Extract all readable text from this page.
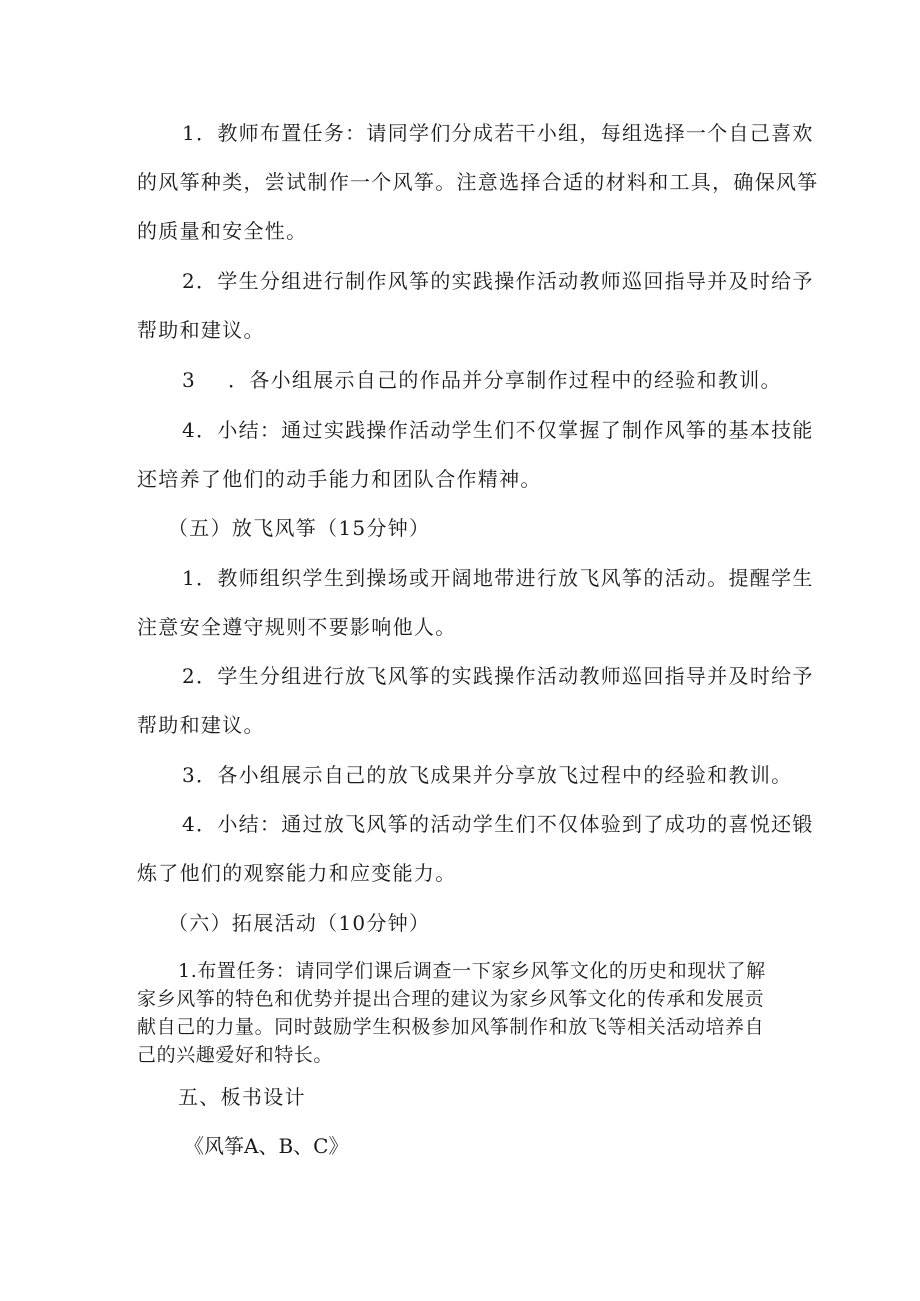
1．教师布置任务：请同学们分成若干小组，每组选择一个自己喜欢
的风筝种类，尝试制作一个风筝。注意选择合适的材料和工具，确保风筝
的质量和安全性。
2．学生分组进行制作风筝的实践操作活动教师巡回指导并及时给予
帮助和建议。
3 ．各小组展示自己的作品并分享制作过程中的经验和教训。
4．小结：通过实践操作活动学生们不仅掌握了制作风筝的基本技能
还培养了他们的动手能力和团队合作精神。
（五）放飞风筝（15分钟）
1．教师组织学生到操场或开阔地带进行放飞风筝的活动。提醒学生
注意安全遵守规则不要影响他人。
2．学生分组进行放飞风筝的实践操作活动教师巡回指导并及时给予
帮助和建议。
3．各小组展示自己的放飞成果并分享放飞过程中的经验和教训。
4．小结：通过放飞风筝的活动学生们不仅体验到了成功的喜悦还锻
炼了他们的观察能力和应变能力。
（六）拓展活动（10分钟）
1.布置任务：请同学们课后调查一下家乡风筝文化的历史和现状了解
家乡风筝的特色和优势并提出合理的建议为家乡风筝文化的传承和发展贡
献自己的力量。同时鼓励学生积极参加风筝制作和放飞等相关活动培养自
己的兴趣爱好和特长。
五、板书设计
《风筝A、B、C》
